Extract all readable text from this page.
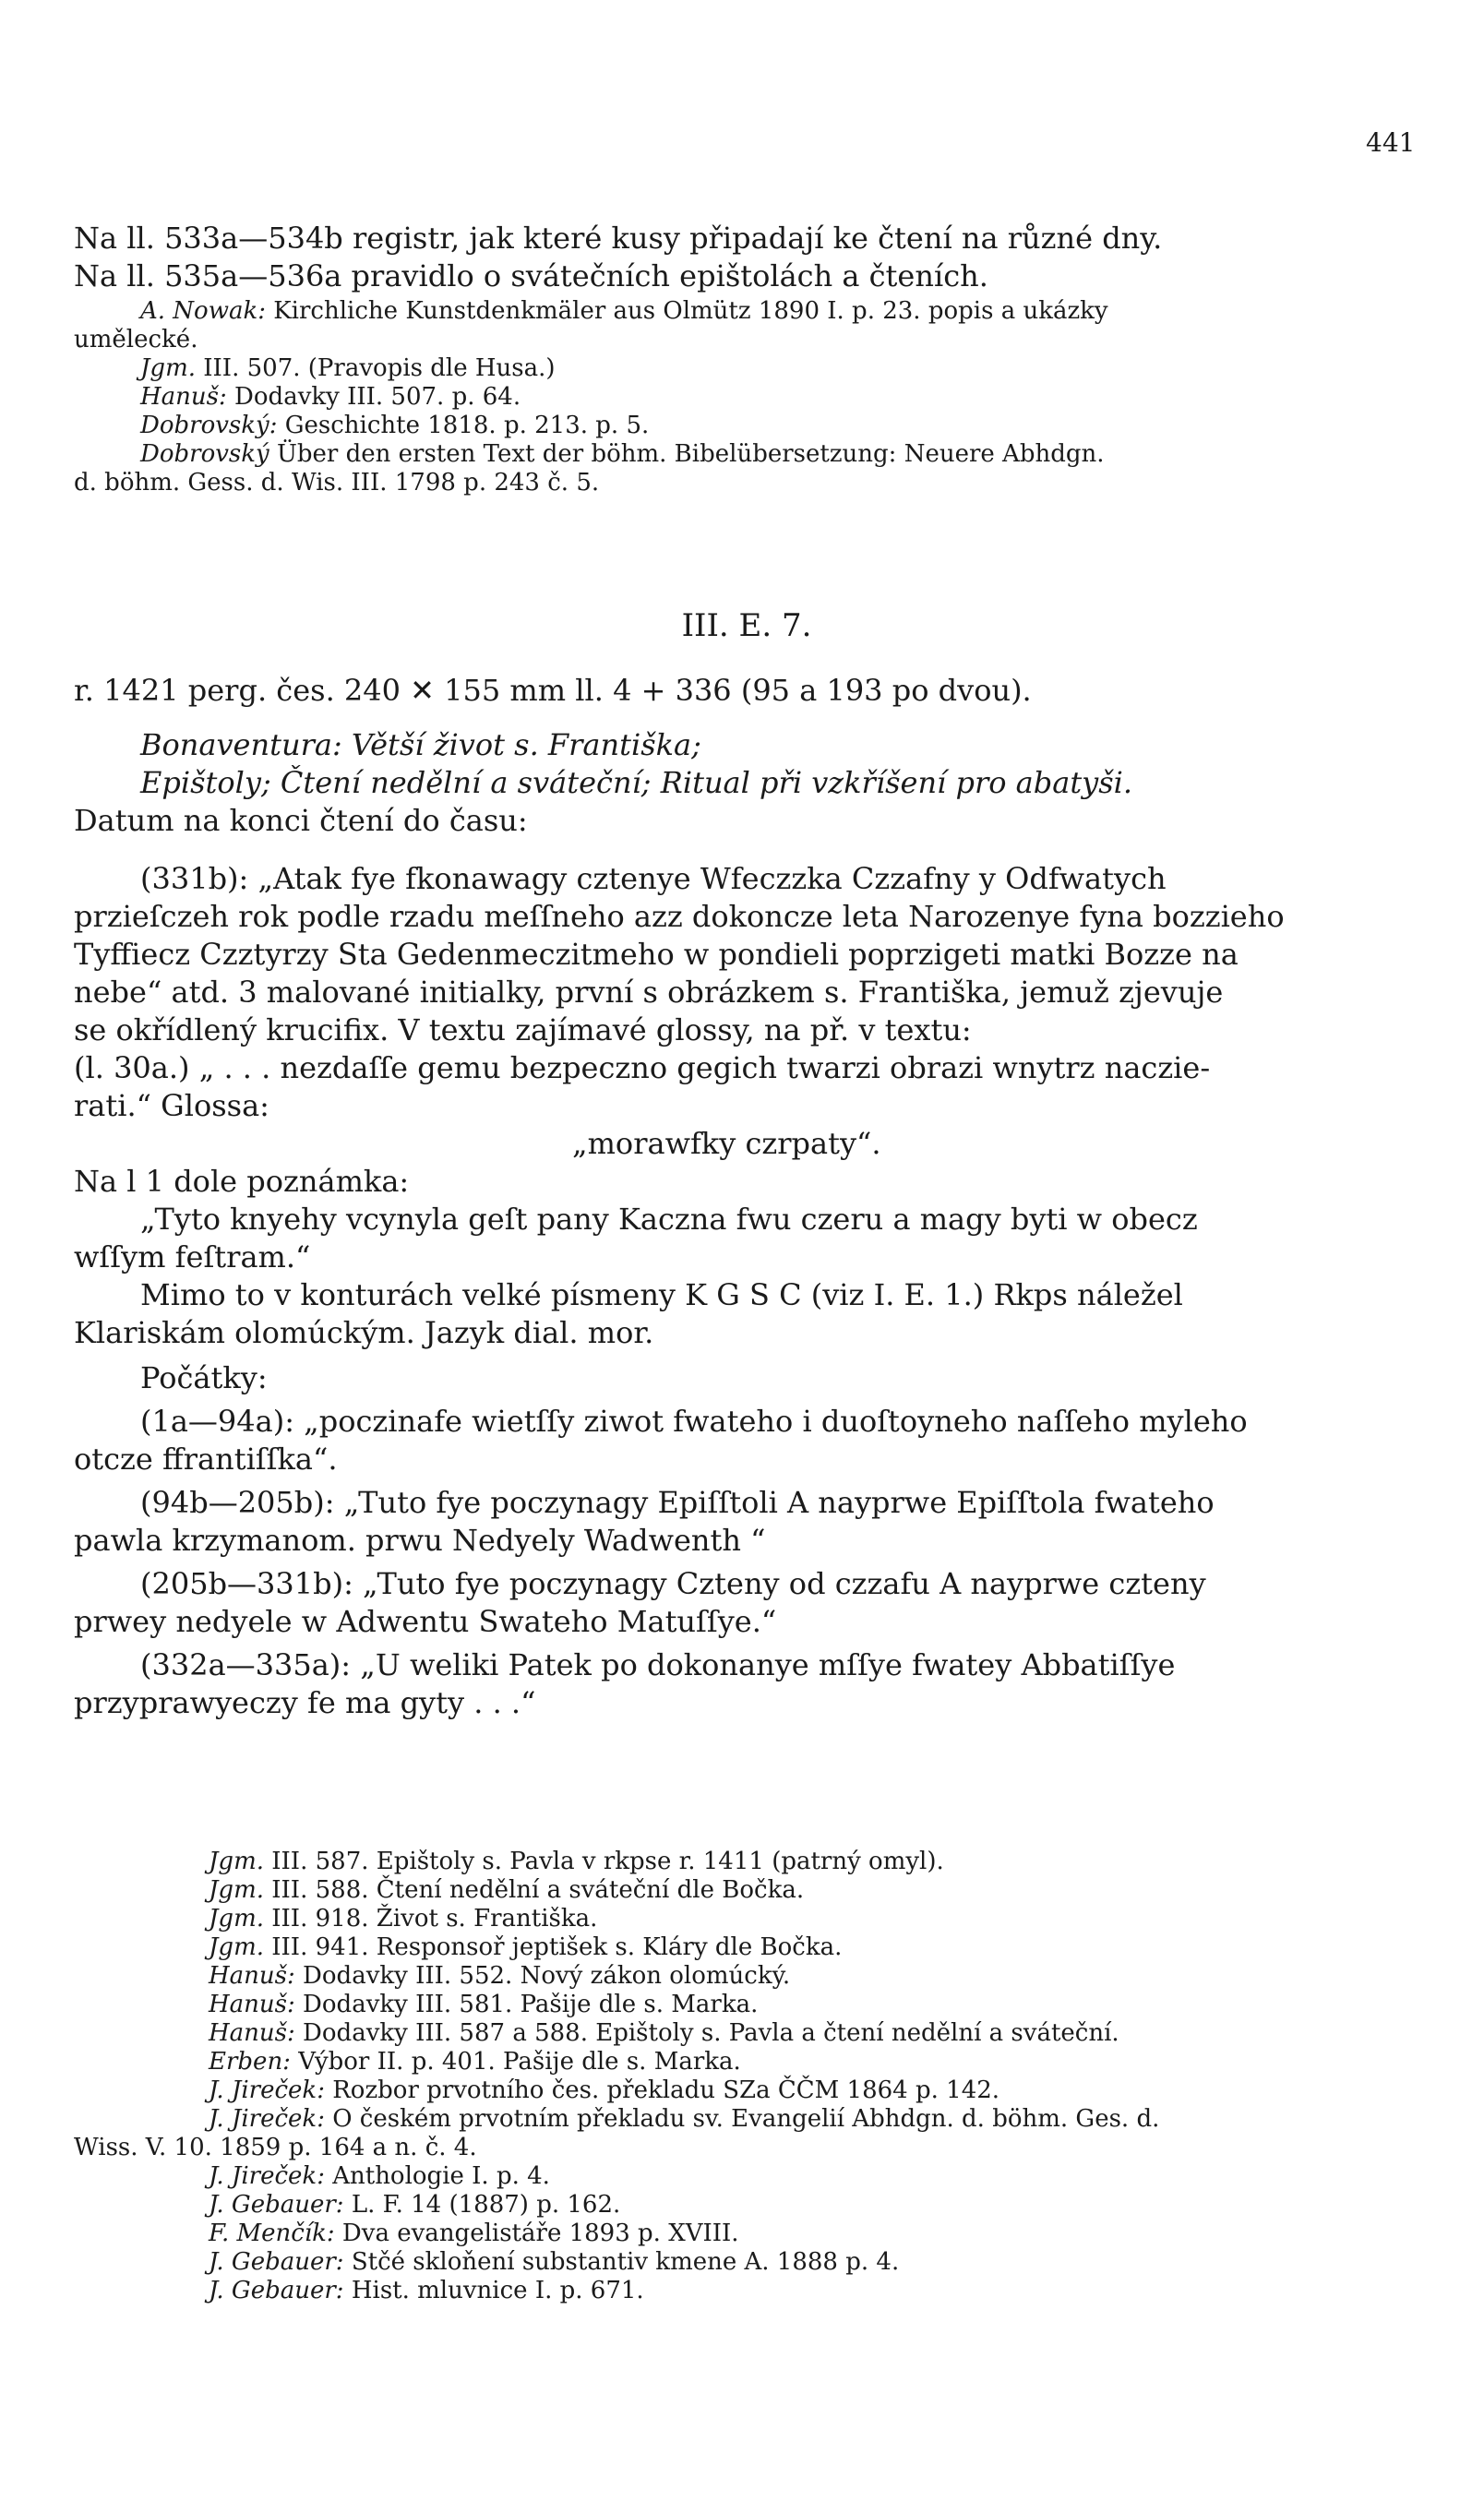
441
Na ll. 533a—534b registr, jak které kusy připadají ke čtení na různé dny.
Na ll. 535a—536a pravidlo o svátečních epištolách a čteních.
A. Nowak: Kirchliche Kunstdenkmäler aus Olmütz 1890 I. p. 23. popis a ukázky
umělecké.
Jgm. III. 507. (Pravopis dle Husa.)
Hanuš: Dodavky III. 507. p. 64.
Dobrovský: Geschichte 1818. p. 213. p. 5.
Dobrovský Über den ersten Text der böhm. Bibelübersetzung: Neuere Abhdgn.
d. böhm. Gess. d. Wis. III. 1798 p. 243 č. 5.
III. E. 7.
r. 1421 perg. čes. 240 ✕ 155 mm ll. 4 + 336 (95 a 193 po dvou).
Bonaventura: Větší život s. Františka;
Epištoly; Čtení nedělní a sváteční; Ritual při vzkříšení pro abatyši.
Datum na konci čtení do času:
(331b): „Atak fye fkonawagy cztenye Wfeczzka Czzafny y Odfwatych
przieſczeh rok podle rzadu meſſneho azz dokoncze leta Narozenye fyna bozzieho
Tyffiecz Czztyrzy Sta Gedenmeczitmeho w pondieli poprzigeti matki Bozze na
nebe“ atd. 3 malované initialky, první s obrázkem s. Františka, jemuž zjevuje
se okřídlený krucifix. V textu zajímavé glossy, na př. v textu:
(l. 30a.) „ . . . nezdaſſe gemu bezpeczno gegich twarzi obrazi wnytrz naczie-
rati.“ Glossa:
„morawfky czrpaty“.
Na l 1 dole poznámka:
„Tyto knyehy vcynyla geſt pany Kaczna fwu czeru a magy byti w obecz
wſſym feſtram.“
Mimo to v konturách velké písmeny K G S C (viz I. E. 1.) Rkps náležel
Klariskám olomúckým. Jazyk dial. mor.
Počátky:
(1a—94a): „poczinafe wietſſy ziwot fwateho i duoſtoyneho naſſeho myleho
otcze ffrantiſſka“.
(94b—205b): „Tuto fye poczynagy Epiſſtoli A nayprwe Epiſſtola fwateho
pawla krzymanom. prwu Nedyely Wadwenth “
(205b—331b): „Tuto fye poczynagy Czteny od czzafu A nayprwe czteny
prwey nedyele w Adwentu Swateho Matuſſye.“
(332a—335a): „U weliki Patek po dokonanye mſſye fwatey Abbatiſſye
przyprawyeczy fe ma gyty . . .“
Jgm. III. 587. Epištoly s. Pavla v rkpse r. 1411 (patrný omyl).
Jgm. III. 588. Čtení nedělní a sváteční dle Bočka.
Jgm. III. 918. Život s. Františka.
Jgm. III. 941. Responsoř jeptišek s. Kláry dle Bočka.
Hanuš: Dodavky III. 552. Nový zákon olomúcký.
Hanuš: Dodavky III. 581. Pašije dle s. Marka.
Hanuš: Dodavky III. 587 a 588. Epištoly s. Pavla a čtení nedělní a sváteční.
Erben: Výbor II. p. 401. Pašije dle s. Marka.
J. Jireček: Rozbor prvotního čes. překladu SZa ČČM 1864 p. 142.
J. Jireček: O českém prvotním překladu sv. Evangelií Abhdgn. d. böhm. Ges. d.
Wiss. V. 10. 1859 p. 164 a n. č. 4.
J. Jireček: Anthologie I. p. 4.
J. Gebauer: L. F. 14 (1887) p. 162.
F. Menčík: Dva evangelistáře 1893 p. XVIII.
J. Gebauer: Stčé skloňení substantiv kmene A. 1888 p. 4.
J. Gebauer: Hist. mluvnice I. p. 671.
